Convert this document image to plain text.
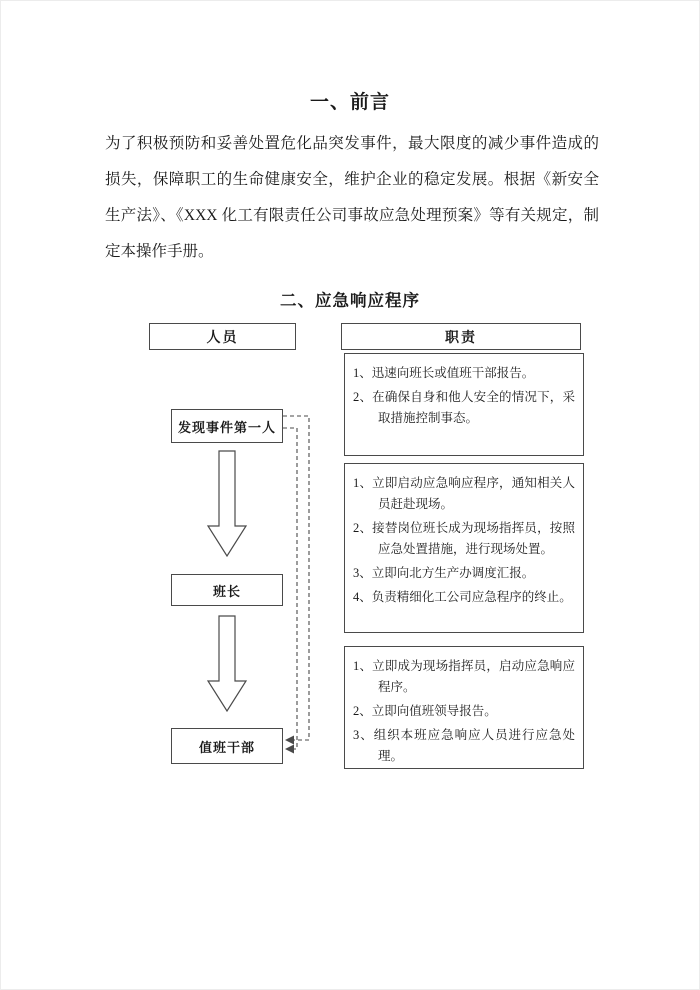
一、前言

为了积极预防和妥善处置危化品突发事件，最大限度的减少事件造成的损失，保障职工的生命健康安全，维护企业的稳定发展。根据《新安全生产法》、《XXX 化工有限责任公司事故应急处理预案》等有关规定，制定本操作手册。

二、应急响应程序
人员	职责
发现事件第一人
班长
值班干部

1、迅速向班长或值班干部报告。

2、在确保自身和他人安全的情况下，采取措施控制事态。

1、立即启动应急响应程序，通知相关人员赶赴现场。

2、接替岗位班长成为现场指挥员，按照应急处置措施，进行现场处置。

3、立即向北方生产办调度汇报。

4、负责精细化工公司应急程序的终止。

1、立即成为现场指挥员，启动应急响应程序。

2、立即向值班领导报告。

3、组织本班应急响应人员进行应急处理。
